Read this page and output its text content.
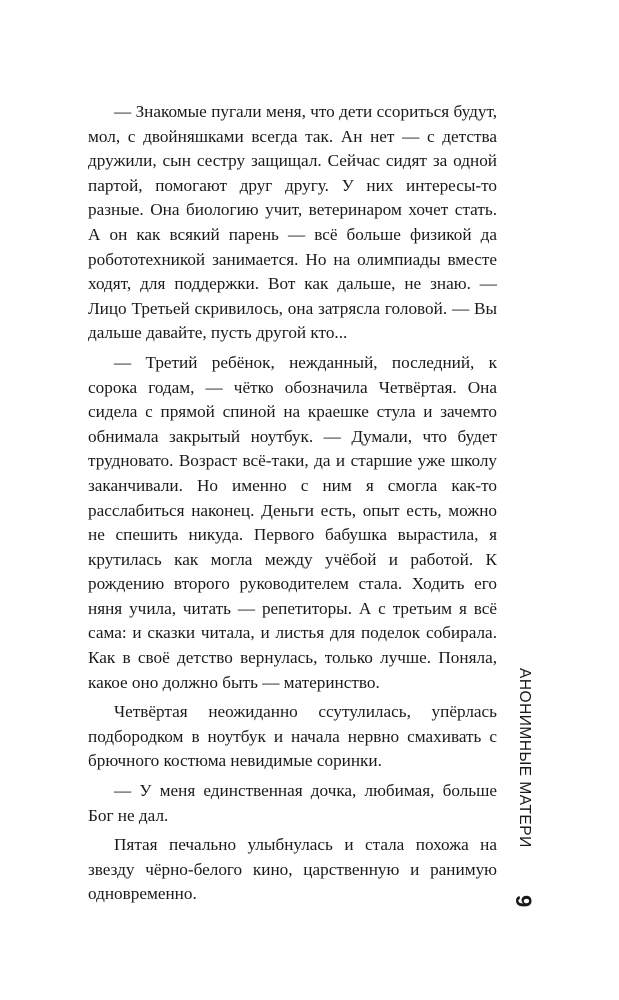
— Знакомые пугали меня, что дети ссориться будут, мол, с двойняшками всегда так. Ан нет — с детства дружили, сын сестру защищал. Сейчас сидят за одной партой, помогают друг другу. У них интересы-то разные. Она биологию учит, ветеринаром хочет стать. А он как всякий парень — всё больше физикой да робототехникой занимается. Но на олимпиады вместе ходят, для поддержки. Вот как дальше, не знаю. — Лицо Третьей скривилось, она затрясла головой. — Вы дальше давайте, пусть другой кто...

— Третий ребёнок, нежданный, последний, к сорока годам, — чётко обозначила Четвёртая. Она сидела с прямой спиной на краешке стула и зачемто обнимала закрытый ноутбук. — Думали, что будет трудновато. Возраст всё-таки, да и старшие уже школу заканчивали. Но именно с ним я смогла как-то расслабиться наконец. Деньги есть, опыт есть, можно не спешить никуда. Первого бабушка вырастила, я крутилась как могла между учёбой и работой. К рождению второго руководителем стала. Ходить его няня учила, читать — репетиторы. А с третьим я всё сама: и сказки читала, и листья для поделок собирала. Как в своё детство вернулась, только лучше. Поняла, какое оно должно быть — материнство.

Четвёртая неожиданно ссутулилась, упёрлась подбородком в ноутбук и начала нервно смахивать с брючного костюма невидимые соринки.

— У меня единственная дочка, любимая, больше Бог не дал.

Пятая печально улыбнулась и стала похожа на звезду чёрно-белого кино, царственную и ранимую одновременно.

АНОНИМНЫЕ МАТЕРИ
9
